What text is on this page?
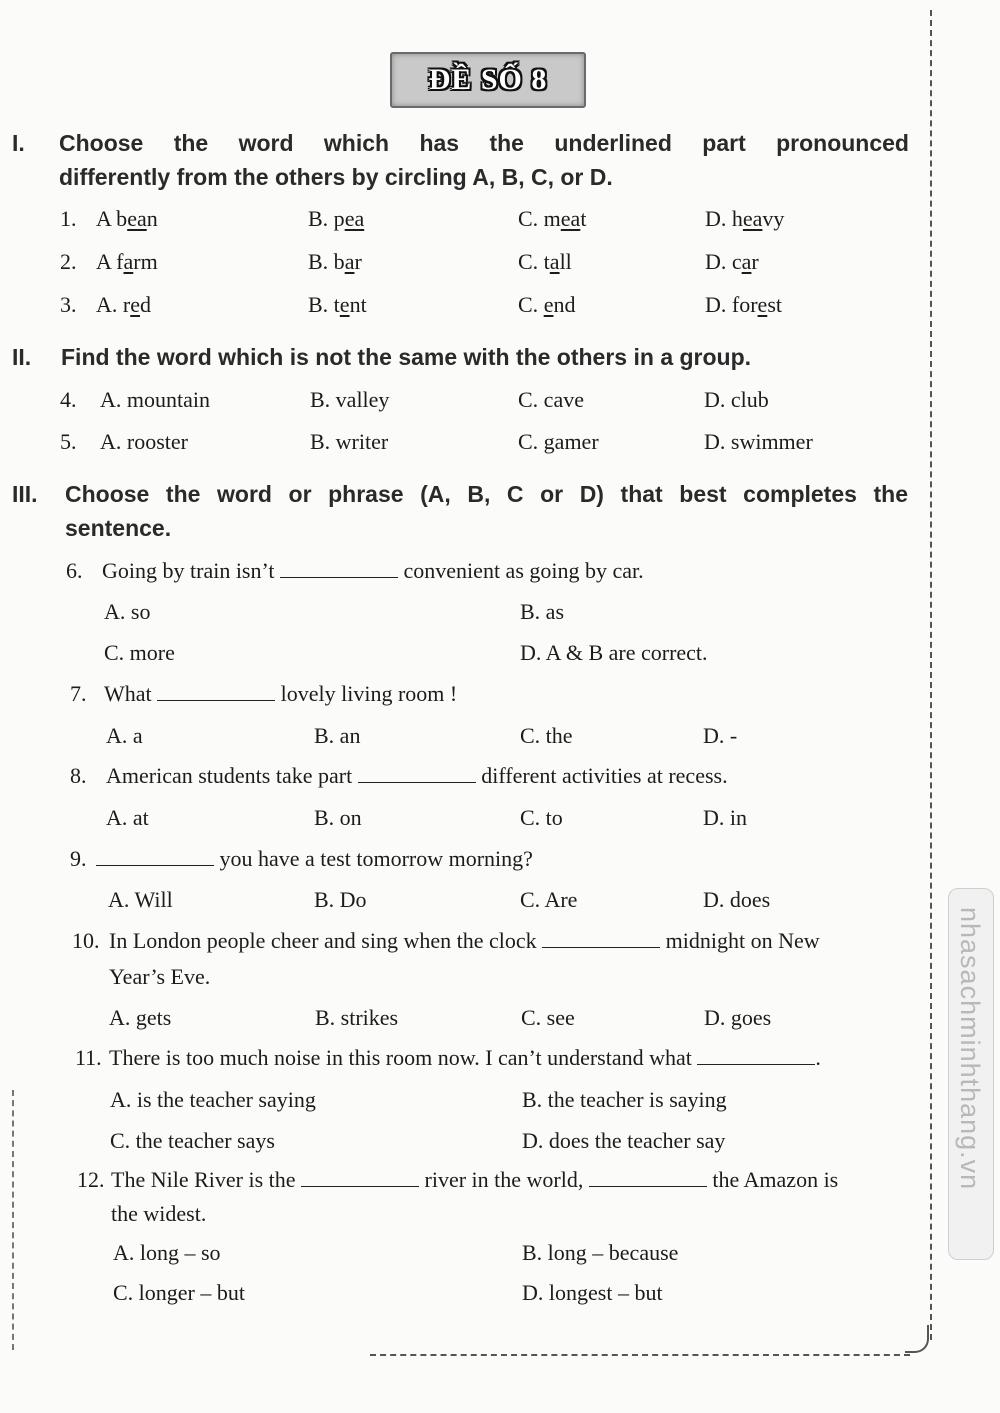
ĐỀ SỐ 8
I. Choose the word which has the underlined part pronounced
differently from the others by circling A, B, C, or D.
1. A bean	B. pea	C. meat	D. heavy
2. A farm	B. bar	C. tall	D. car
3. A. red	B. tent	C. end	D. forest
II. Find the word which is not the same with the others in a group.
4. A. mountain	B. valley	C. cave	D. club
5. A. rooster	B. writer	C. gamer	D. swimmer
III. Choose the word or phrase (A, B, C or D) that best completes the
sentence.
6. Going by train isn’t	convenient as going by car.
A. so	B. as
C. more	D. A & B are correct.
7. What	lovely living room !
A. a	B. an	C. the	D. -
8. American students take part	different activities at recess.
A. at	B. on	C. to	D. in
9.	you have a test tomorrow morning?
A. Will	B. Do	C. Are	D. does
10. In London people cheer and sing when the clock	midnight on New
Year’s Eve.
A. gets	B. strikes	C. see	D. goes
11. There is too much noise in this room now. I can’t understand what	.
A. is the teacher saying	B. the teacher is saying
C. the teacher says	D. does the teacher say
12. The Nile River is the	river in the world,	the Amazon is
the widest.
A. long – so	B. long – because
C. longer – but	D. longest – but
nhasachminhthang.vn
